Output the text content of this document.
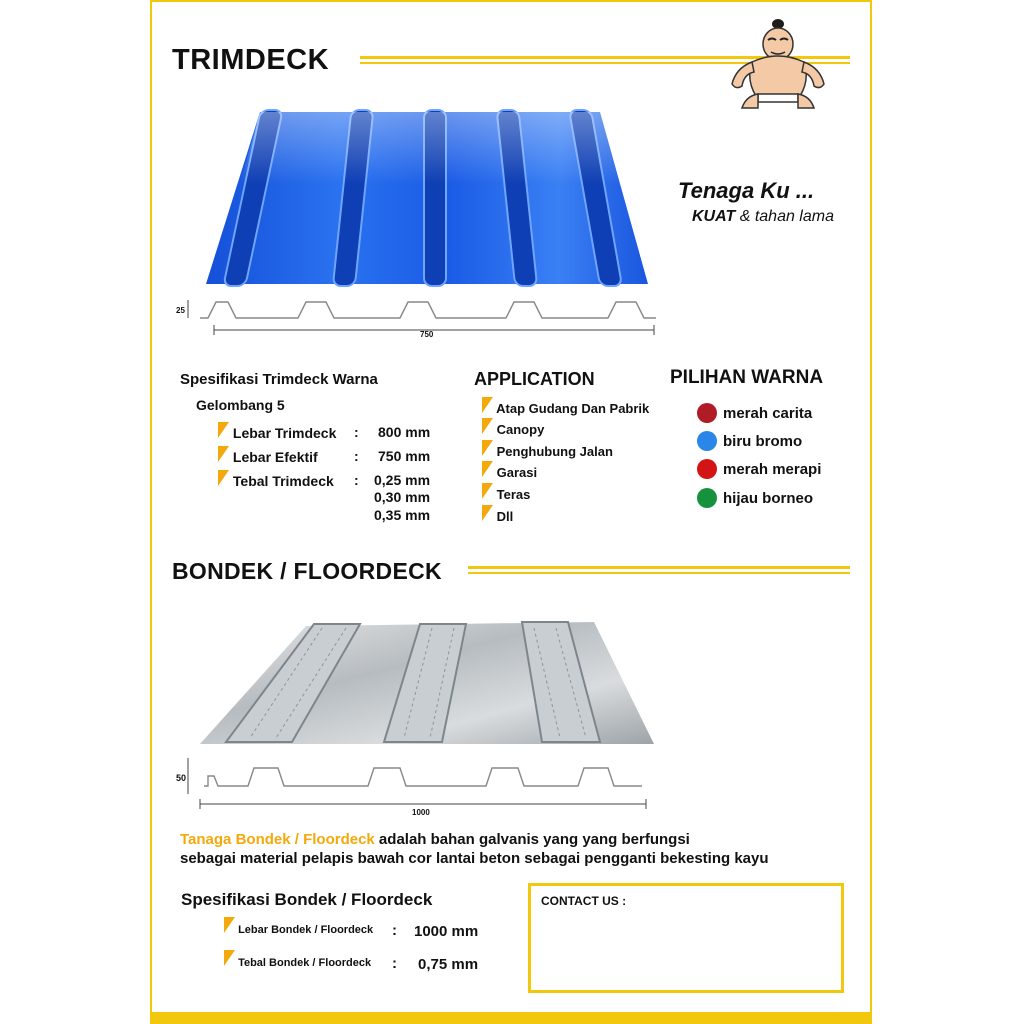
TRIMDECK
Tenaga Ku ...
KUAT & tahan lama
25
750
Spesifikasi Trimdeck Warna
Gelombang 5
Lebar Trimdeck : 800 mm
Lebar Efektif	: 750 mm
Tebal Trimdeck : 0,25 mm
0,30 mm
0,35 mm
APPLICATION
Atap Gudang Dan Pabrik
Canopy
Penghubung Jalan
Garasi
Teras
Dll
PILIHAN WARNA
merah carita
biru bromo
merah merapi
hijau borneo
BONDEK / FLOORDECK
50
1000
Tanaga Bondek / Floordeck adalah bahan galvanis yang yang berfungsi
sebagai material pelapis bawah cor lantai beton sebagai pengganti bekesting kayu
Spesifikasi Bondek / Floordeck
Lebar Bondek / Floordeck : 1000 mm
Tebal Bondek / Floordeck : 0,75 mm
CONTACT US :
